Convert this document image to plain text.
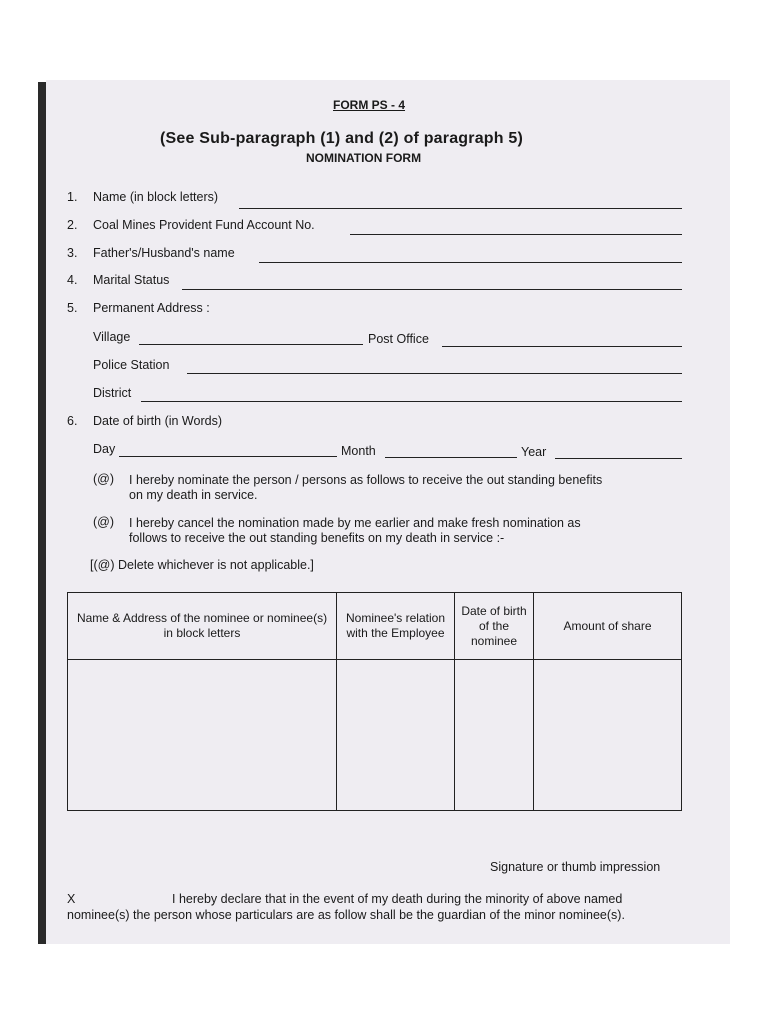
FORM PS - 4
(See Sub-paragraph (1) and (2) of paragraph 5)
NOMINATION FORM
1. Name (in block letters)
2. Coal Mines Provident Fund Account No.
3. Father's/Husband's name
4. Marital Status
5. Permanent Address :
Village	Post Office
Police Station
District
6. Date of birth (in Words)
Day	Month	Year
(@) I hereby nominate the person / persons as follows to receive the out standing benefits
on my death in service.
(@) I hereby cancel the nomination made by me earlier and make fresh nomination as
follows to receive the out standing benefits on my death in service :-
[(@) Delete whichever is not applicable.]
Name & Address of the nominee or nominee(s) in block letters	Nominee's relation with the Employee	Date of birth of the nominee	Amount of share

Signature or thumb impression
X	I hereby declare that in the event of my death during the minority of above named
nominee(s) the person whose particulars are as follow shall be the guardian of the minor nominee(s).
